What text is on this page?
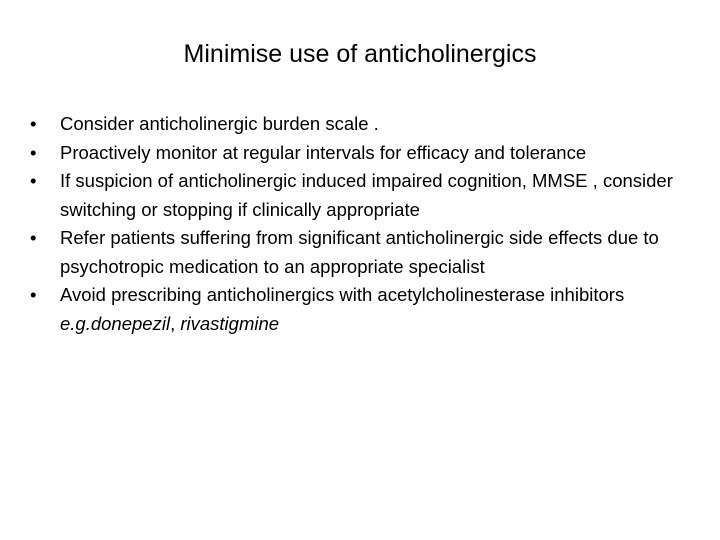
Minimise use of anticholinergics
•	Consider anticholinergic burden scale .
•	Proactively monitor at regular intervals for efficacy and tolerance
•	If suspicion of anticholinergic induced impaired cognition, MMSE , consider switching or stopping if clinically appropriate
•	Refer patients suffering from significant anticholinergic side effects due to psychotropic medication to an appropriate specialist
•	Avoid prescribing anticholinergics with acetylcholinesterase inhibitors e.g.donepezil, rivastigmine
